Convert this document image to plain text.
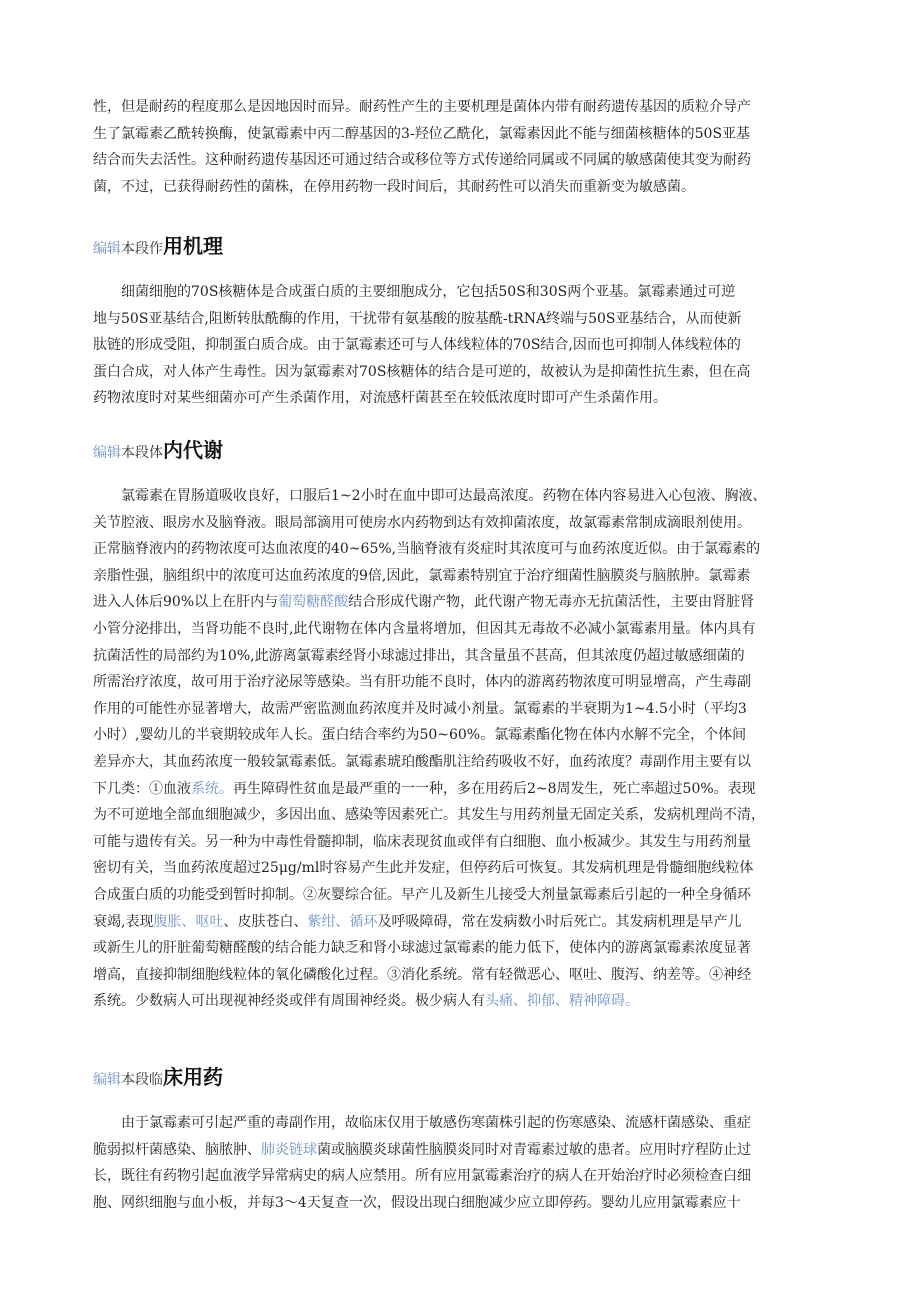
性，但是耐药的程度那么是因地因时而异。耐药性产生的主要机理是菌体内带有耐药遗传基因的质粒介导产
生了氯霉素乙酰转换酶，使氯霉素中丙二醇基因的3-羟位乙酰化，氯霉素因此不能与细菌核糖体的50S亚基
结合而失去活性。这种耐药遗传基因还可通过结合或移位等方式传递给同属或不同属的敏感菌使其变为耐药
菌，不过，已获得耐药性的菌株，在停用药物一段时间后，其耐药性可以消失而重新变为敏感菌。
编辑本段作用机理
　　细菌细胞的70S核糖体是合成蛋白质的主要细胞成分，它包括50S和30S两个亚基。氯霉素通过可逆
地与50S亚基结合,阻断转肽酰酶的作用，干扰带有氨基酸的胺基酰-tRNA终端与50S亚基结合，从而使新
肽链的形成受阻，抑制蛋白质合成。由于氯霉素还可与人体线粒体的70S结合,因而也可抑制人体线粒体的
蛋白合成，对人体产生毒性。因为氯霉素对70S核糖体的结合是可逆的，故被认为是抑菌性抗生素，但在高
药物浓度时对某些细菌亦可产生杀菌作用，对流感杆菌甚至在较低浓度时即可产生杀菌作用。
编辑本段体内代谢
　　氯霉素在胃肠道吸收良好，口服后1~2小时在血中即可达最高浓度。药物在体内容易进入心包液、胸液、
关节腔液、眼房水及脑脊液。眼局部滴用可使房水内药物到达有效抑菌浓度，故氯霉素常制成滴眼剂使用。
正常脑脊液内的药物浓度可达血浓度的40~65%,当脑脊液有炎症时其浓度可与血药浓度近似。由于氯霉素的
亲脂性强，脑组织中的浓度可达血药浓度的9倍,因此，氯霉素特别宜于治疗细菌性脑膜炎与脑脓肿。氯霉素
进入人体后90%以上在肝内与葡萄糖醛酸结合形成代谢产物，此代谢产物无毒亦无抗菌活性，主要由肾脏肾
小管分泌排出，当肾功能不良时,此代谢物在体内含量将增加，但因其无毒故不必减小氯霉素用量。体内具有
抗菌活性的局部约为10%,此游离氯霉素经肾小球滤过排出，其含量虽不甚高，但其浓度仍超过敏感细菌的
所需治疗浓度，故可用于治疗泌尿等感染。当有肝功能不良时，体内的游离药物浓度可明显增高，产生毒副
作用的可能性亦显著增大，故需严密监测血药浓度并及时减小剂量。氯霉素的半衰期为1~4.5小时（平均3
小时）,婴幼儿的半衰期较成年人长。蛋白结合率约为50~60%。氯霉素酯化物在体内水解不完全，个体间
差异亦大，其血药浓度一般较氯霉素低。氯霉素琥珀酸酯肌注给药吸收不好，血药浓度？毒副作用主要有以
下几类：①血液系统。再生障碍性贫血是最严重的一一种，多在用药后2~8周发生，死亡率超过50%。表现
为不可逆地全部血细胞减少，多因出血、感染等因素死亡。其发生与用药剂量无固定关系，发病机理尚不清，
可能与遗传有关。另一种为中毒性骨髓抑制，临床表现贫血或伴有白细胞、血小板减少。其发生与用药剂量
密切有关，当血药浓度超过25μg/ml时容易产生此并发症，但停药后可恢复。其发病机理是骨髓细胞线粒体
合成蛋白质的功能受到暂时抑制。②灰婴综合征。早产儿及新生儿接受大剂量氯霉素后引起的一种全身循环
衰竭,表现腹胀、呕吐、皮肤苍白、紫绀、循环及呼吸障碍，常在发病数小时后死亡。其发病机理是早产儿
或新生儿的肝脏葡萄糖醛酸的结合能力缺乏和肾小球滤过氯霉素的能力低下，使体内的游离氯霉素浓度显著
增高，直接抑制细胞线粒体的氧化磷酸化过程。③消化系统。常有轻微恶心、呕吐、腹泻、纳差等。④神经
系统。少数病人可出现视神经炎或伴有周围神经炎。极少病人有头痛、抑郁、精神障碍。
编辑本段临床用药
　　由于氯霉素可引起严重的毒副作用，故临床仅用于敏感伤寒菌株引起的伤寒感染、流感杆菌感染、重症
脆弱拟杆菌感染、脑脓肿、肺炎链球菌或脑膜炎球菌性脑膜炎同时对青霉素过敏的患者。应用时疗程防止过
长，既往有药物引起血液学异常病史的病人应禁用。所有应用氯霉素治疗的病人在开始治疗时必须检查白细
胞、网织细胞与血小板，并每3〜4天复查一次，假设出现白细胞减少应立即停药。婴幼儿应用氯霉素应十
